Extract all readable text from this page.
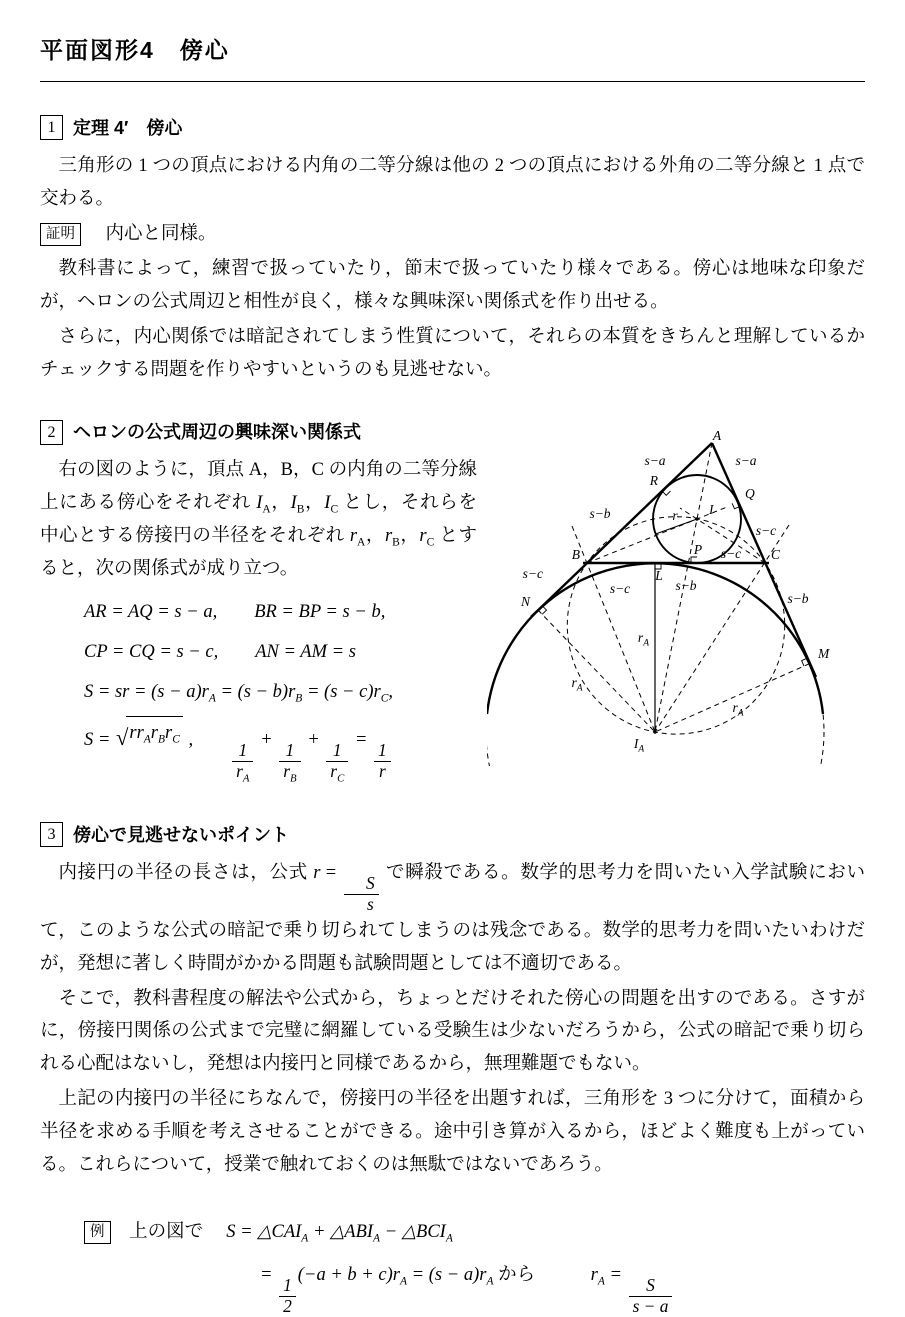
平面図形4　傍心
1 定理 4′　傍心

三角形の 1 つの頂点における内角の二等分線は他の 2 つの頂点における外角の二等分線と 1 点で交わる。

証明　 内心と同様。

教科書によって，練習で扱っていたり，節末で扱っていたり様々である。傍心は地味な印象だが，ヘロンの公式周辺と相性が良く，様々な興味深い関係式を作り出せる。

さらに，内心関係では暗記されてしまう性質について，それらの本質をきちんと理解しているかチェックする問題を作りやすいというのも見逃せない。

2 ヘロンの公式周辺の興味深い関係式	A
B	C
s−a	s−a
R
Q
s−b
s−c
r I
P s−c
L
s−c	s−b
s−c
s−b
N
M
$r_A$
$r_A$
$r_A$
$I_A$

右の図のように，頂点 A，B，C の内角の二等分線上にある傍心をそれぞれ $I_A$，$I_B$，$I_C$ とし，それらを中心とする傍接円の半径をそれぞれ $r_A$，$r_B$，$r_C$ とすると，次の関係式が成り立つ。

AR = AQ = s − a,　　BR = BP = s − b,
CP = CQ = s − c,　　AN = AM = s
S = sr = $(s - a)r_A = (s - b)r_B = (s - c)r_C$,
S = √ $rr_Ar_Br_C$ ,　　
$\frac{1}{r_A}$
+
$\frac{1}{r_B}$
+
$\frac{1}{r_C}$
=
$\frac{1}{r}$
3 傍心で見逃せないポイント

内接円の半径の長さは，公式 r =
$\frac{S}{s}$
で瞬殺である。数学的思考力を問いたい入学試験において，このような公式の暗記で乗り切られてしまうのは残念である。数学的思考力を問いたいわけだが，発想に著しく時間がかかる問題も試験問題としては不適切である。

そこで，教科書程度の解法や公式から，ちょっとだけそれた傍心の問題を出すのである。さすがに，傍接円関係の公式まで完璧に網羅している受験生は少ないだろうから，公式の暗記で乗り切られる心配はないし，発想は内接円と同様であるから，無理難題でもない。

上記の内接円の半径にちなんで，傍接円の半径を出題すれば，三角形を 3 つに分けて，面積から半径を求める手順を考えさせることができる。途中引き算が入るから，ほどよく難度も上がっている。これらについて，授業で触れておくのは無駄ではないであろう。

例 上の図で　 $S = \triangle CAI_A$ + $\triangle ABI_A$ − $\triangle BCI_A$
=
$\frac{1}{2}$
$(-a + b + c)r_A = (s - a)r_A$ から　　　	$r_A$ =
$\frac{S}{s - a}$
